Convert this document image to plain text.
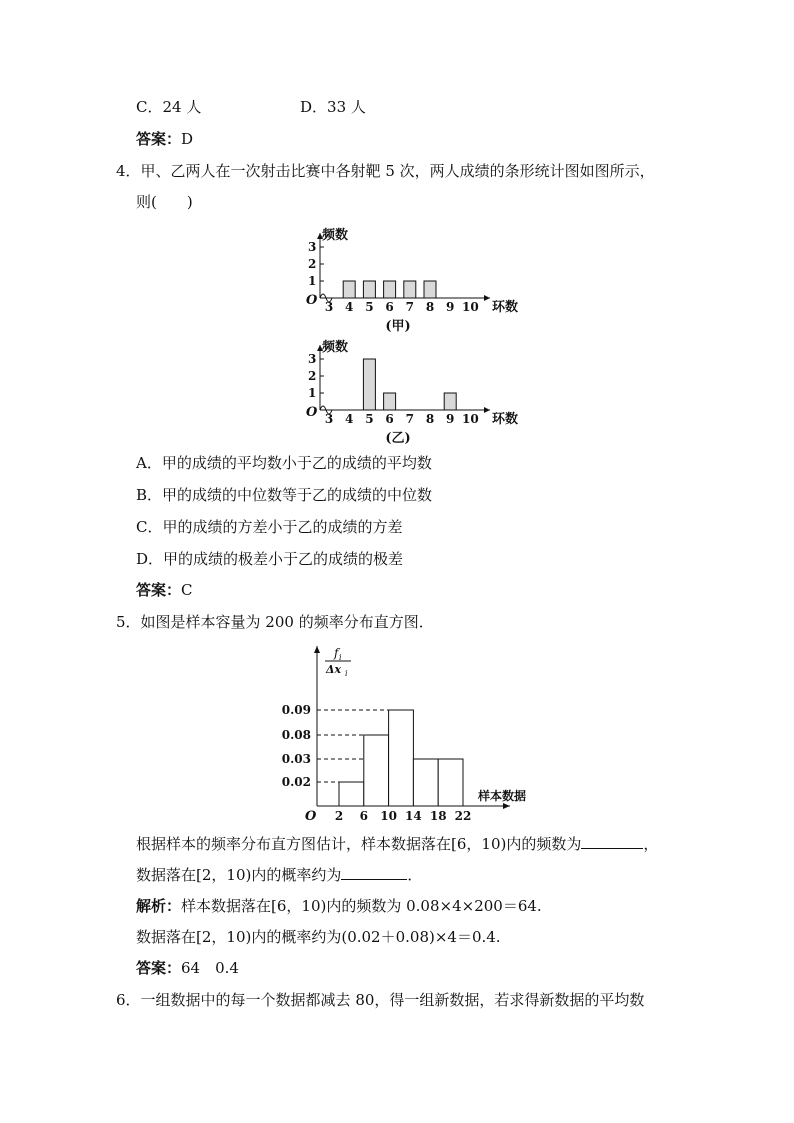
C．24 人	D．33 人
答案：D
4．甲、乙两人在一次射击比赛中各射靶 5 次，两人成绩的条形统计图如图所示，
则(　　)
O
1
2
3
频数
3 4 5 6 7 8 9 10 环数
(甲)
O
1
2
3
频数
3 4 5 6 7 8 9 10 环数
(乙)
A．甲的成绩的平均数小于乙的成绩的平均数
B．甲的成绩的中位数等于乙的成绩的中位数
C．甲的成绩的方差小于乙的成绩的方差
D．甲的成绩的极差小于乙的成绩的极差
答案：C
5．如图是样本容量为 200 的频率分布直方图．
O
f i
Δx i
0.02
0.03
0.08
0.09
2 6 10 14 18 22
样本数据
根据样本的频率分布直方图估计，样本数据落在[6，10)内的频数为	，
数据落在[2，10)内的概率约为	．
解析：样本数据落在[6，10)内的频数为 0.08×4×200＝64.
数据落在[2，10)内的概率约为(0.02＋0.08)×4＝0.4.
答案：64　0.4
6．一组数据中的每一个数据都减去 80，得一组新数据，若求得新数据的平均数
